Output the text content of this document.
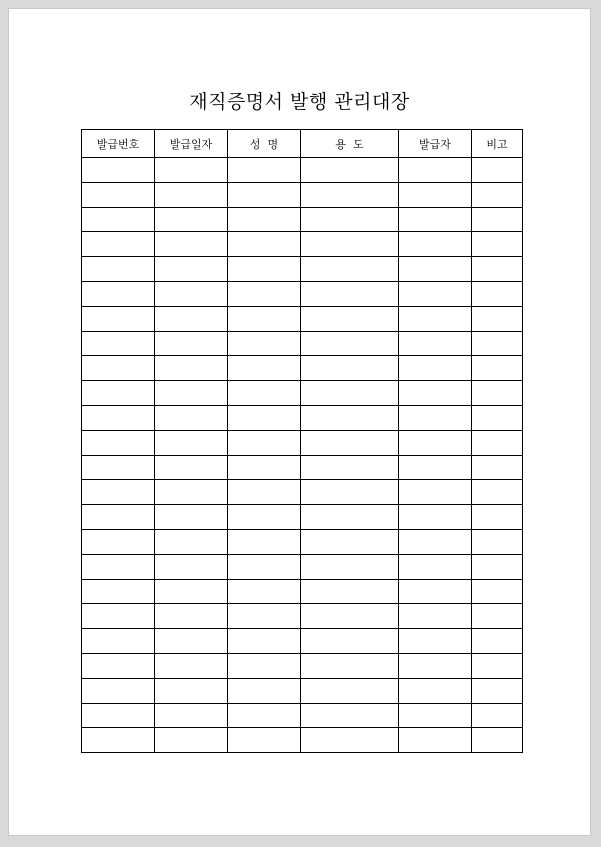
재직증명서 발행 관리대장
발급번호	발급일자	성  명	용  도	발급자	비고
